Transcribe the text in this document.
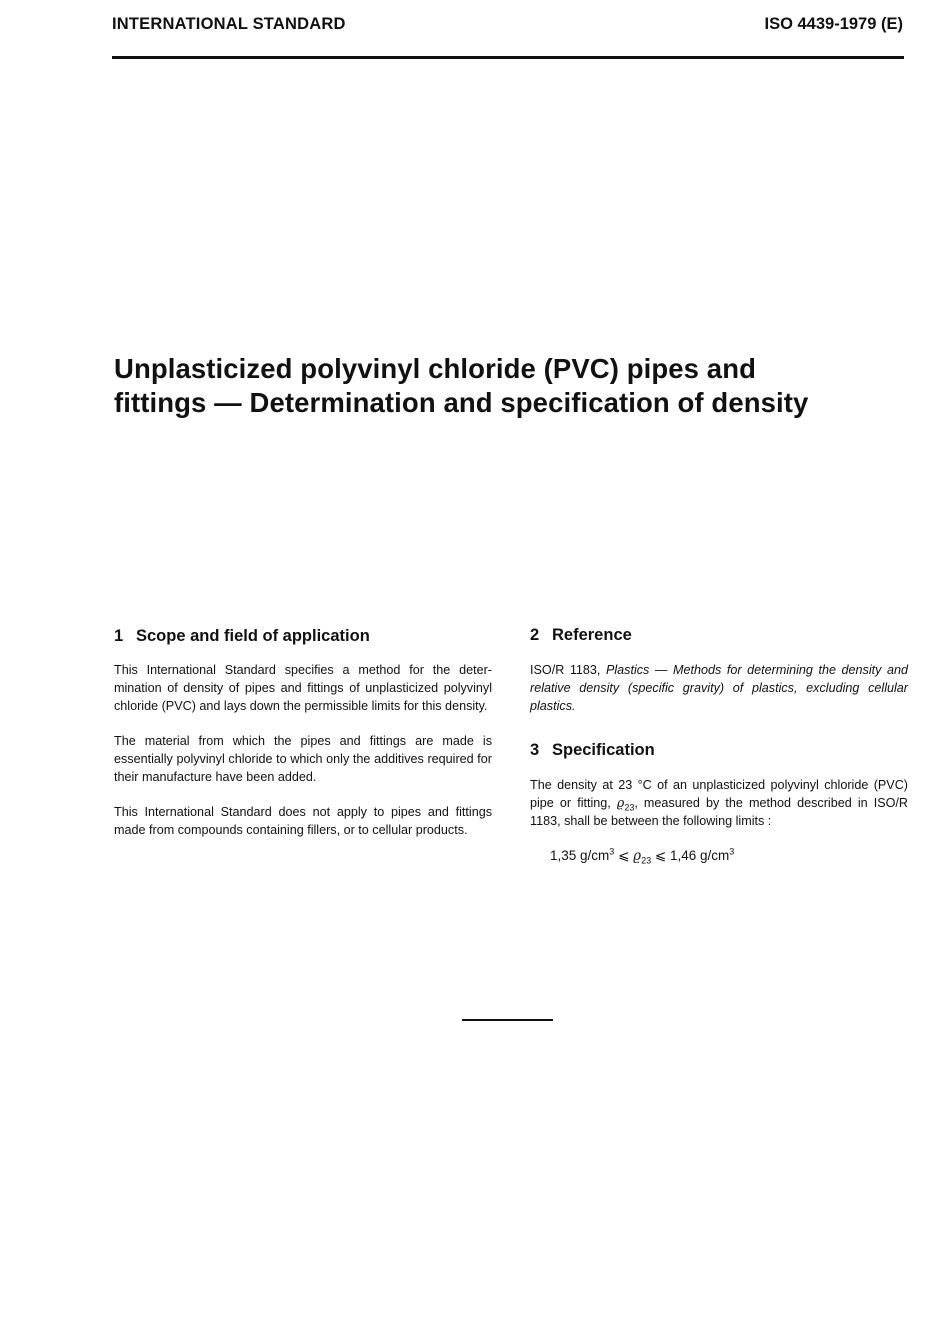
INTERNATIONAL STANDARD	ISO 4439-1979 (E)
Unplasticized polyvinyl chloride (PVC) pipes and
fittings — Determination and specification of density
1 Scope and field of application

This International Standard specifies a method for the determination of density of pipes and fittings of unplasticized polyvinyl chloride (PVC) and lays down the permissible limits for this density.

The material from which the pipes and fittings are made is essentially polyvinyl chloride to which only the additives required for their manufacture have been added.

This International Standard does not apply to pipes and fittings made from compounds containing fillers, or to cellular products.

2 Reference

ISO/R 1183, Plastics — Methods for determining the density and relative density (specific gravity) of plastics, excluding cellular plastics.

3 Specification

The density at 23 °C of an unplasticized polyvinyl chloride (PVC) pipe or fitting, $ϱ_{23}$, measured by the method described in ISO/R 1183, shall be between the following limits :

1,35 $g/cm^3$ ⩽ $ϱ_{23}$ ⩽ 1,46 $g/cm^3$
